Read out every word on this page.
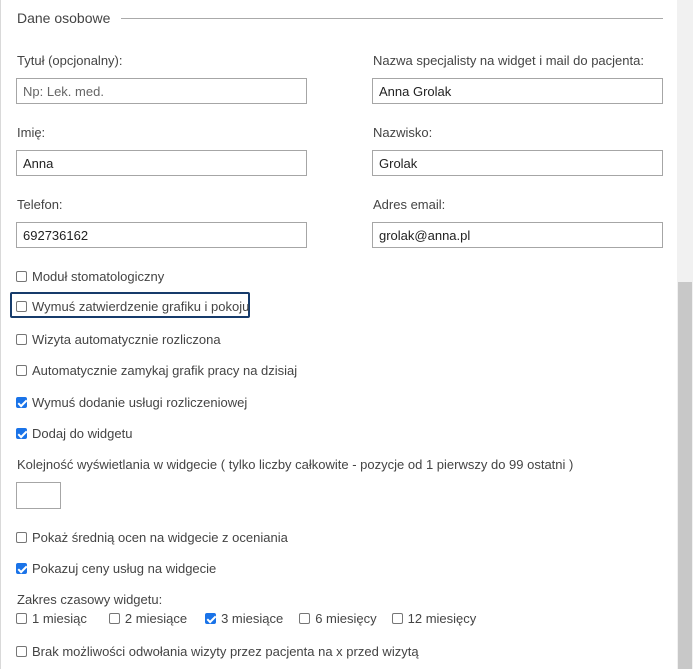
Dane osobowe
Tytuł (opcjonalny):
Np: Lek. med.	Nazwa specjalisty na widget i mail do pacjenta:
Anna Grolak
Imię:
Anna	Nazwisko:
Grolak
Telefon:
692736162	Adres email:
grolak@anna.pl
Moduł stomatologiczny
Wymuś zatwierdzenie grafiku i pokoju
Wizyta automatycznie rozliczona
Automatycznie zamykaj grafik pracy na dzisiaj
Wymuś dodanie usługi rozliczeniowej
Dodaj do widgetu
Kolejność wyświetlania w widgecie ( tylko liczby całkowite - pozycje od 1 pierwszy do 99 ostatni )
Pokaż średnią ocen na widgecie z oceniania
Pokazuj ceny usług na widgecie
Zakres czasowy widgetu:
1 miesiąc	2 miesiące	3 miesiące 6 miesięcy 12 miesięcy
Brak możliwości odwołania wizyty przez pacjenta na x przed wizytą
